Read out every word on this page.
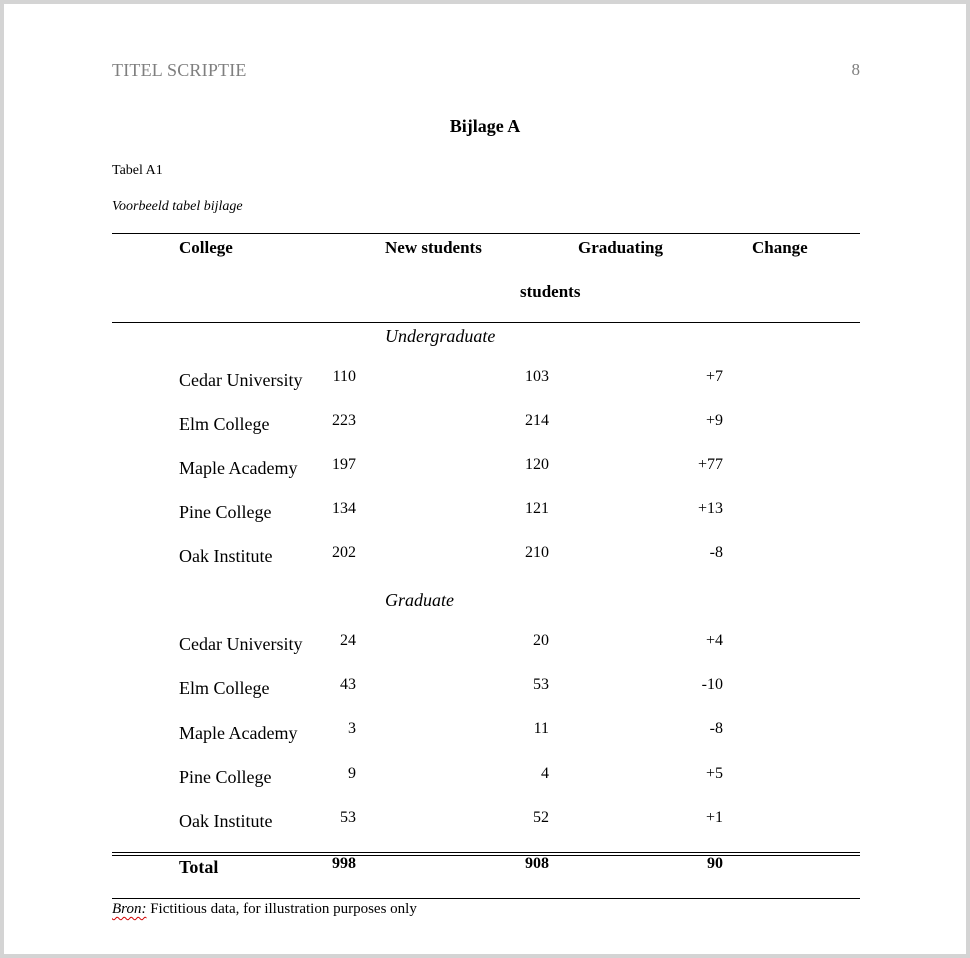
TITEL SCRIPTIE	8
Bijlage A
Tabel A1
Voorbeeld tabel bijlage
College	New students	Graduating	Change
students
Undergraduate
Cedar University	110	103	+7
Elm College	223	214	+9
Maple Academy	197	120	+77
Pine College	134	121	+13
Oak Institute	202	210	-8
Graduate
Cedar University	24	20	+4
Elm College	43	53	-10
Maple Academy	3	11	-8
Pine College	9	4	+5
Oak Institute	53	52	+1
Total	998	908	90
Bron: Fictitious data, for illustration purposes only
